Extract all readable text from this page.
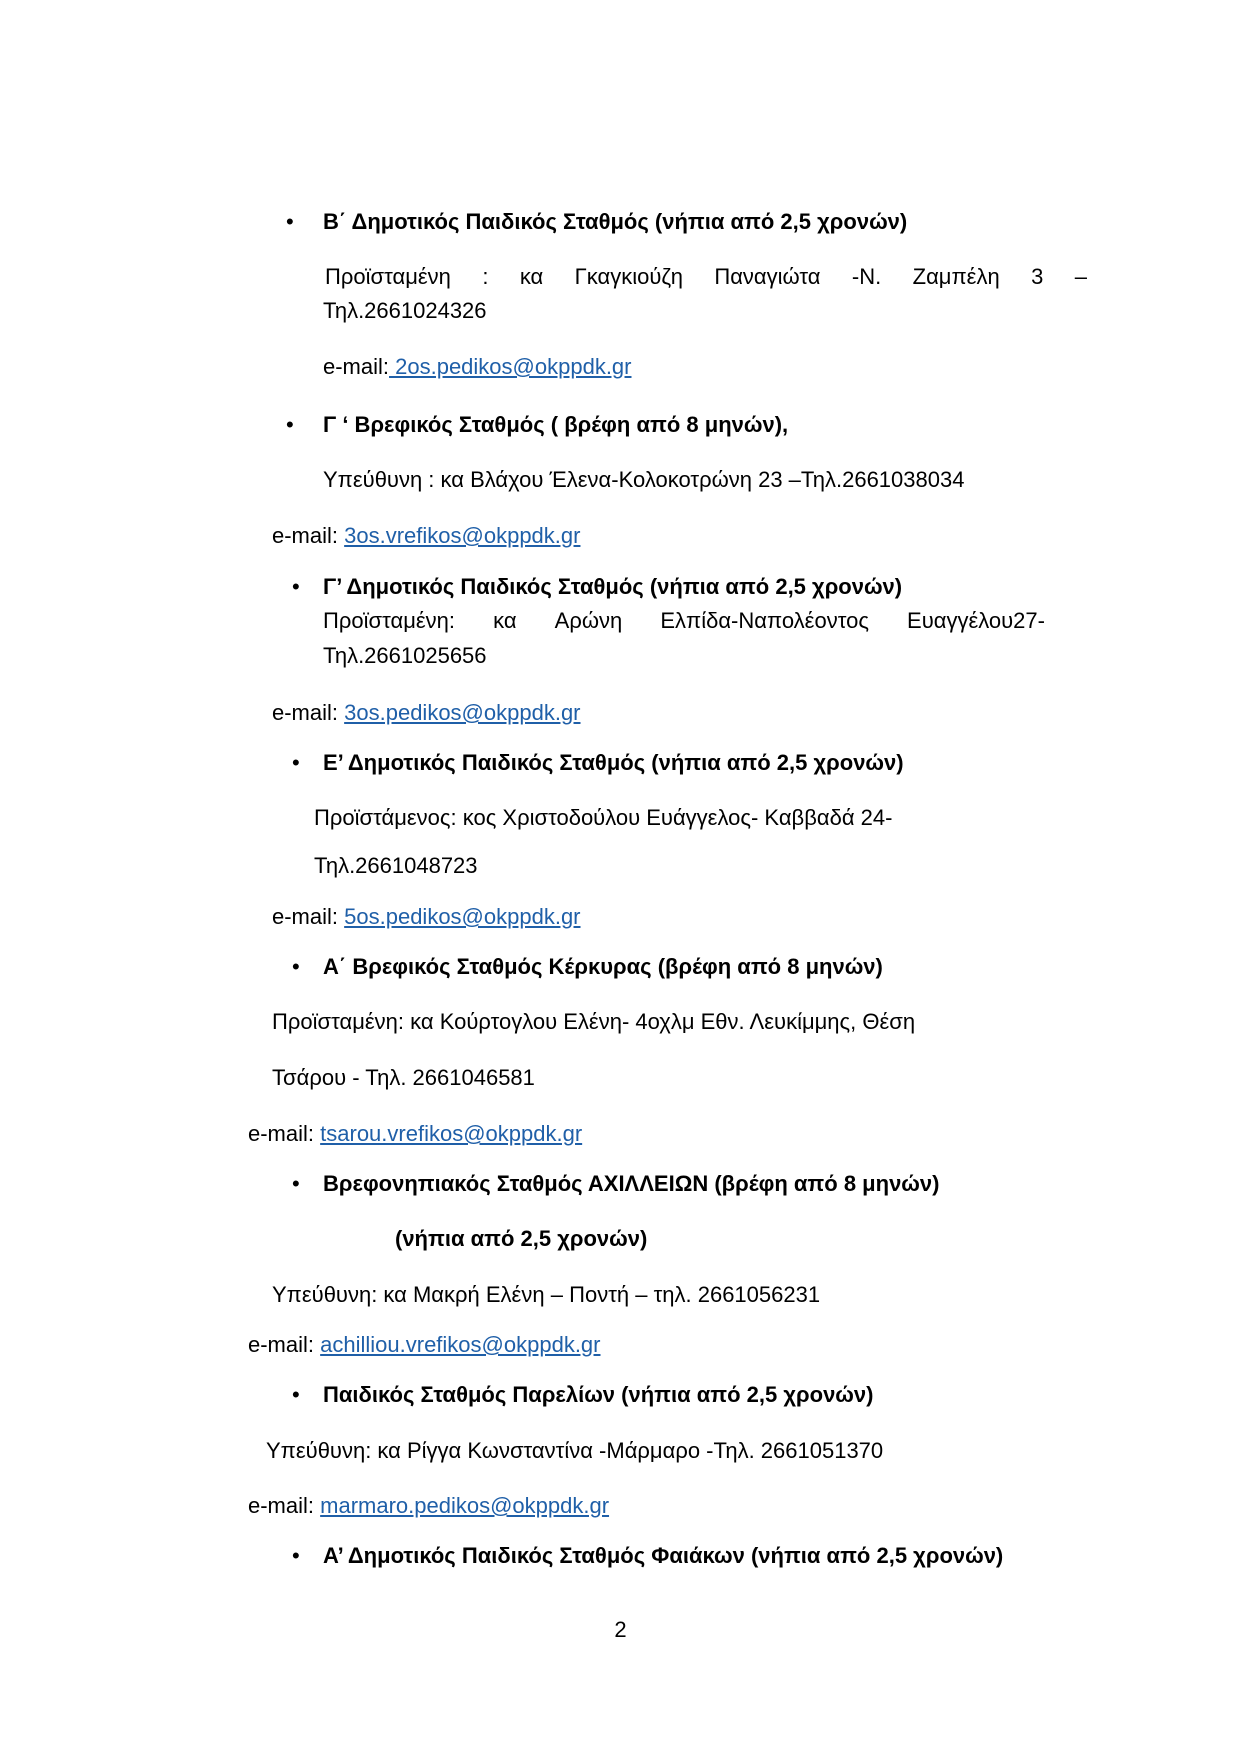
• Β΄ Δημοτικός Παιδικός Σταθμός (νήπια από 2,5 χρονών)
Προϊσταμένη : κα Γκαγκιούζη Παναγιώτα -Ν. Ζαμπέλη 3 –
Τηλ.2661024326
e-mail: 2os.pedikos@okppdk.gr
• Γ ‘ Βρεφικός Σταθμός ( βρέφη από 8 μηνών),
Υπεύθυνη : κα Βλάχου Έλενα-Κολοκοτρώνη 23 –Τηλ.2661038034
e-mail: 3os.vrefikos@okppdk.gr
• Γ’ Δημοτικός Παιδικός Σταθμός (νήπια από 2,5 χρονών)
Προϊσταμένη: κα Αρώνη Ελπίδα-Ναπολέοντος Ευαγγέλου27-
Τηλ.2661025656
e-mail: 3os.pedikos@okppdk.gr
• Ε’ Δημοτικός Παιδικός Σταθμός (νήπια από 2,5 χρονών)
Προϊστάμενος: κος Χριστοδούλου Ευάγγελος- Καββαδά 24-
Τηλ.2661048723
e-mail: 5os.pedikos@okppdk.gr
• Α΄ Βρεφικός Σταθμός Κέρκυρας (βρέφη από 8 μηνών)
Προϊσταμένη: κα Κούρτογλου Ελένη- 4οχλμ Εθν. Λευκίμμης, Θέση
Τσάρου - Τηλ. 2661046581
e-mail: tsarou.vrefikos@okppdk.gr
• Βρεφονηπιακός Σταθμός ΑΧΙΛΛΕΙΩΝ (βρέφη από 8 μηνών)
(νήπια από 2,5 χρονών)
Υπεύθυνη: κα Μακρή Ελένη – Ποντή – τηλ. 2661056231
e-mail: achilliou.vrefikos@okppdk.gr
• Παιδικός Σταθμός Παρελίων (νήπια από 2,5 χρονών)
Υπεύθυνη: κα Ρίγγα Κωνσταντίνα -Μάρμαρο -Τηλ. 2661051370
e-mail: marmaro.pedikos@okppdk.gr
• Α’ Δημοτικός Παιδικός Σταθμός Φαιάκων (νήπια από 2,5 χρονών)
2
